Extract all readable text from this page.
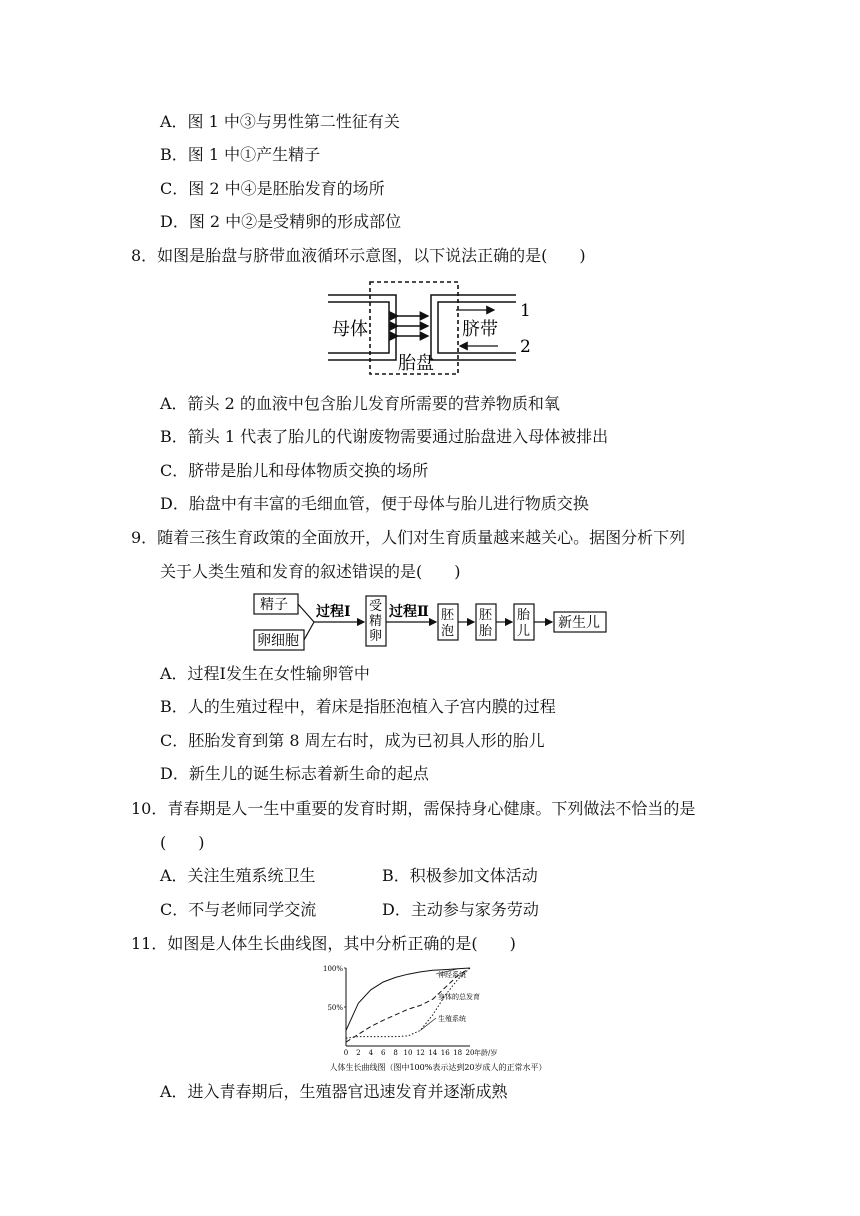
A．图 1 中③与男性第二性征有关
B．图 1 中①产生精子
C．图 2 中④是胚胎发育的场所
D．图 2 中②是受精卵的形成部位
8．如图是胎盘与脐带血液循环示意图，以下说法正确的是(　　)
母体
胎盘
脐带
1
2
A．箭头 2 的血液中包含胎儿发育所需要的营养物质和氧
B．箭头 1 代表了胎儿的代谢废物需要通过胎盘进入母体被排出
C．脐带是胎儿和母体物质交换的场所
D．胎盘中有丰富的毛细血管，便于母体与胎儿进行物质交换
9．随着三孩生育政策的全面放开，人们对生育质量越来越关心。据图分析下列
关于人类生殖和发育的叙述错误的是(　　)
精子
卵细胞
过程Ⅰ 受
精
卵
过程Ⅱ 胚
泡
胚
胎
胎
儿
新生儿
A．过程Ⅰ发生在女性输卵管中
B．人的生殖过程中，着床是指胚泡植入子宫内膜的过程
C．胚胎发育到第 8 周左右时，成为已初具人形的胎儿
D．新生儿的诞生标志着新生命的起点
10．青春期是人一生中重要的发育时期，需保持身心健康。下列做法不恰当的是
(　　)
A．关注生殖系统卫生	B．积极参加文体活动
C．不与老师同学交流	D．主动参与家务劳动
11．如图是人体生长曲线图，其中分析正确的是(　　)
50%
100%
0 2 4 6 8 10 12 14 16 18 20 年龄/岁
神经系统
身体的总发育
生殖系统
人体生长曲线图（图中100%表示达到20岁成人的正常水平）
A．进入青春期后，生殖器官迅速发育并逐渐成熟
